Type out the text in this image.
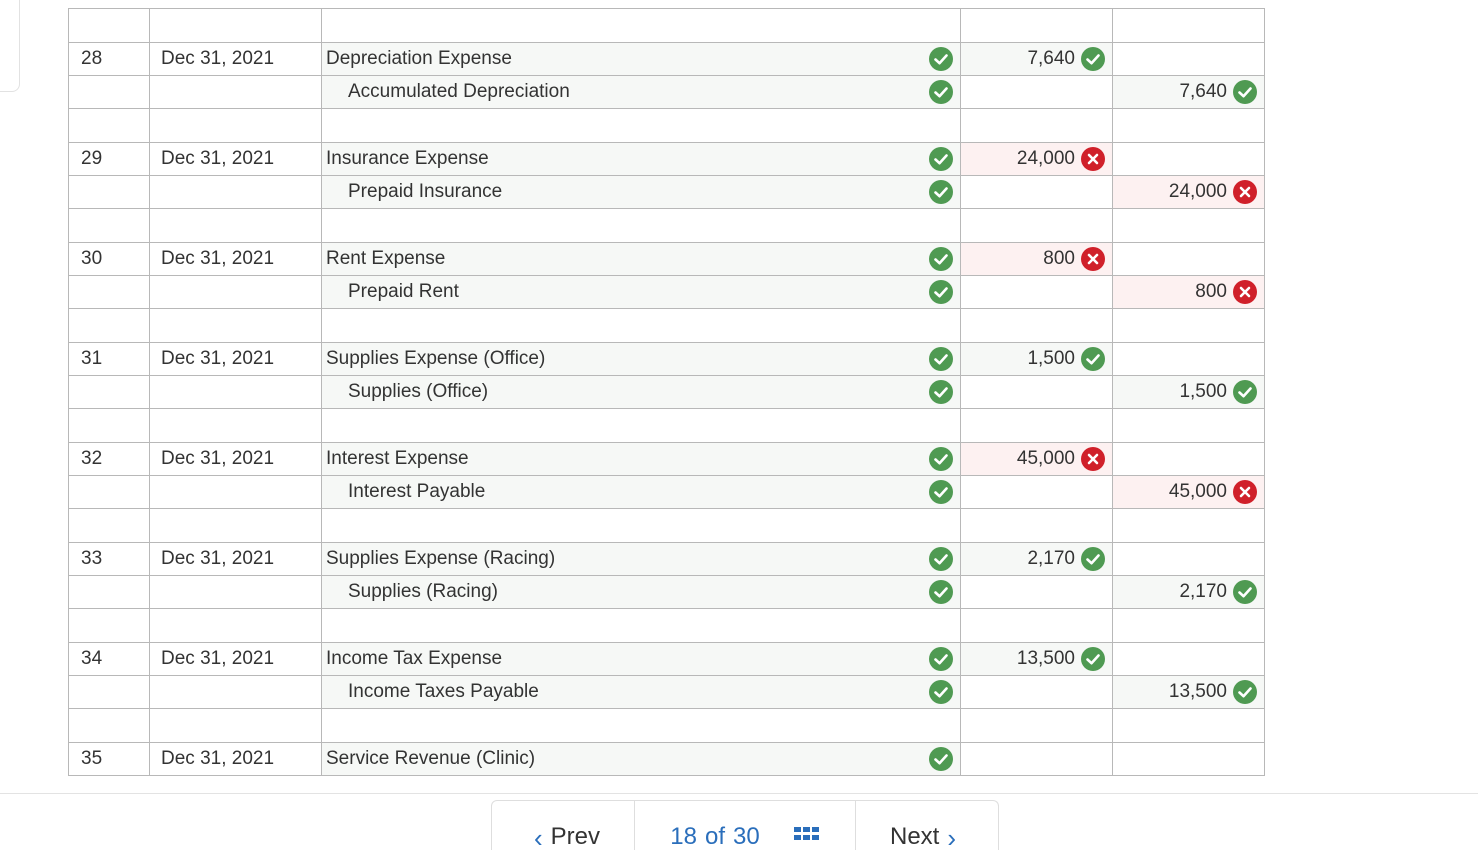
28	Dec 31, 2021	Depreciation Expense	7,640

		Accumulated Depreciation		7,640

29	Dec 31, 2021	Insurance Expense	24,000

		Prepaid Insurance		24,000

30	Dec 31, 2021	Rent Expense	800

		Prepaid Rent		800

31	Dec 31, 2021	Supplies Expense (Office)	1,500

		Supplies (Office)		1,500

32	Dec 31, 2021	Interest Expense	45,000

		Interest Payable		45,000

33	Dec 31, 2021	Supplies Expense (Racing)	2,170

		Supplies (Racing)		2,170

34	Dec 31, 2021	Income Tax Expense	13,500

		Income Taxes Payable		13,500

35	Dec 31, 2021	Service Revenue (Clinic)

‹ Prev	18 of 30	Next ›
